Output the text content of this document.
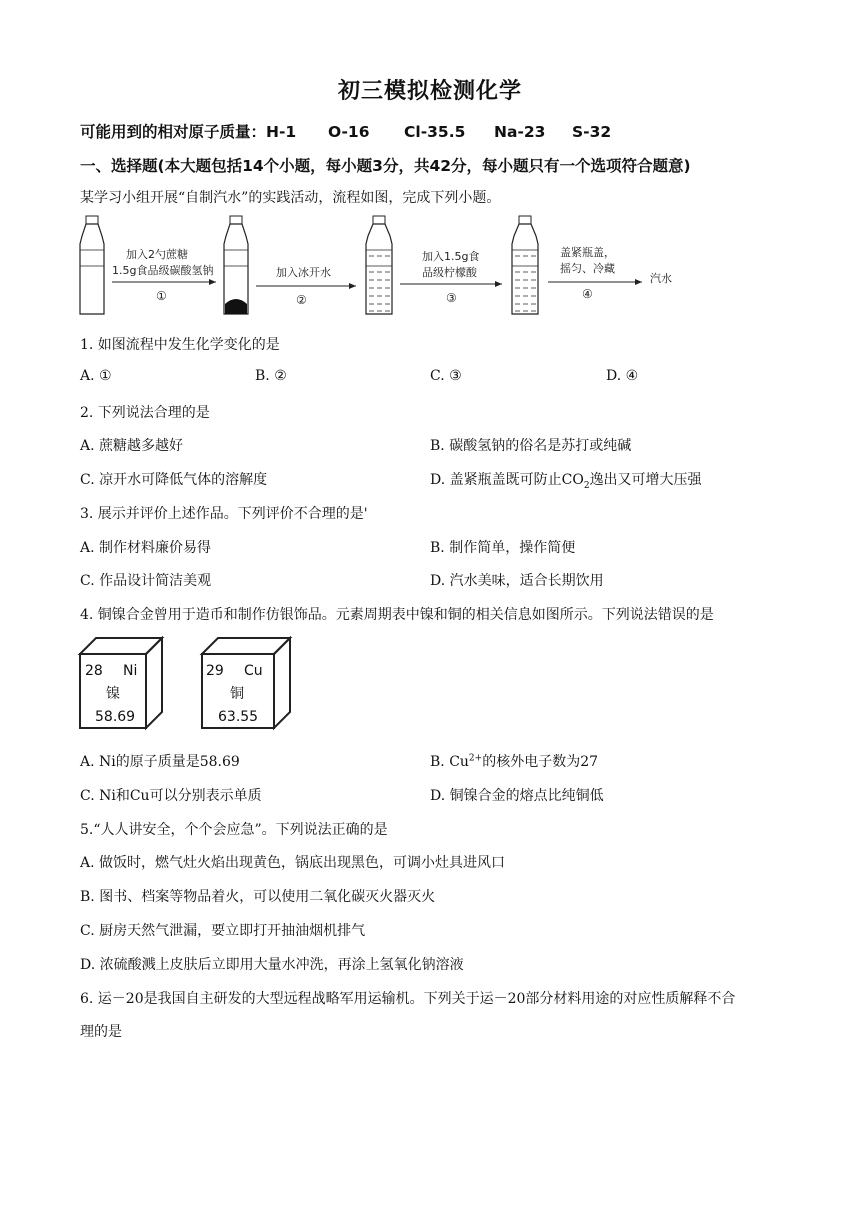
初三模拟检测化学
可能用到的相对原子质量：H-1 O-16 Cl-35.5 Na-23 S-32
一、选择题(本大题包括14个小题，每小题3分，共42分，每小题只有一个选项符合题意)
某学习小组开展“自制汽水”的实践活动，流程如图，完成下列小题。
加入2勺蔗糖
1.5g食品级碳酸氢钠
①
加入冰开水
②
加入1.5g食
品级柠檬酸
③
盖紧瓶盖，
摇匀、冷藏
④
汽水
1. 如图流程中发生化学变化的是
A. ①	B. ②	C. ③	D. ④
2. 下列说法合理的是
A. 蔗糖越多越好	B. 碳酸氢钠的俗名是苏打或纯碱
C. 凉开水可降低气体的溶解度	D. 盖紧瓶盖既可防止$CO_2$逸出又可增大压强
3. 展示并评价上述作品。下列评价不合理的是'
A. 制作材料廉价易得	B. 制作简单，操作简便
C. 作品设计简洁美观	D. 汽水美味，适合长期饮用
4. 铜镍合金曾用于造币和制作仿银饰品。元素周期表中镍和铜的相关信息如图所示。下列说法错误的是
28 Ni
镍
58.69
29 Cu
铜
63.55
A. Ni的原子质量是58.69	B. $Cu^{2+}$的核外电子数为27
C. Ni和Cu可以分别表示单质	D. 铜镍合金的熔点比纯铜低
5.“人人讲安全，个个会应急”。下列说法正确的是
A. 做饭时，燃气灶火焰出现黄色，锅底出现黑色，可调小灶具进风口
B. 图书、档案等物品着火，可以使用二氧化碳灭火器灭火
C. 厨房天然气泄漏，要立即打开抽油烟机排气
D. 浓硫酸溅上皮肤后立即用大量水冲洗，再涂上氢氧化钠溶液
6. 运－20是我国自主研发的大型远程战略军用运输机。下列关于运－20部分材料用途的对应性质解释不合
理的是
